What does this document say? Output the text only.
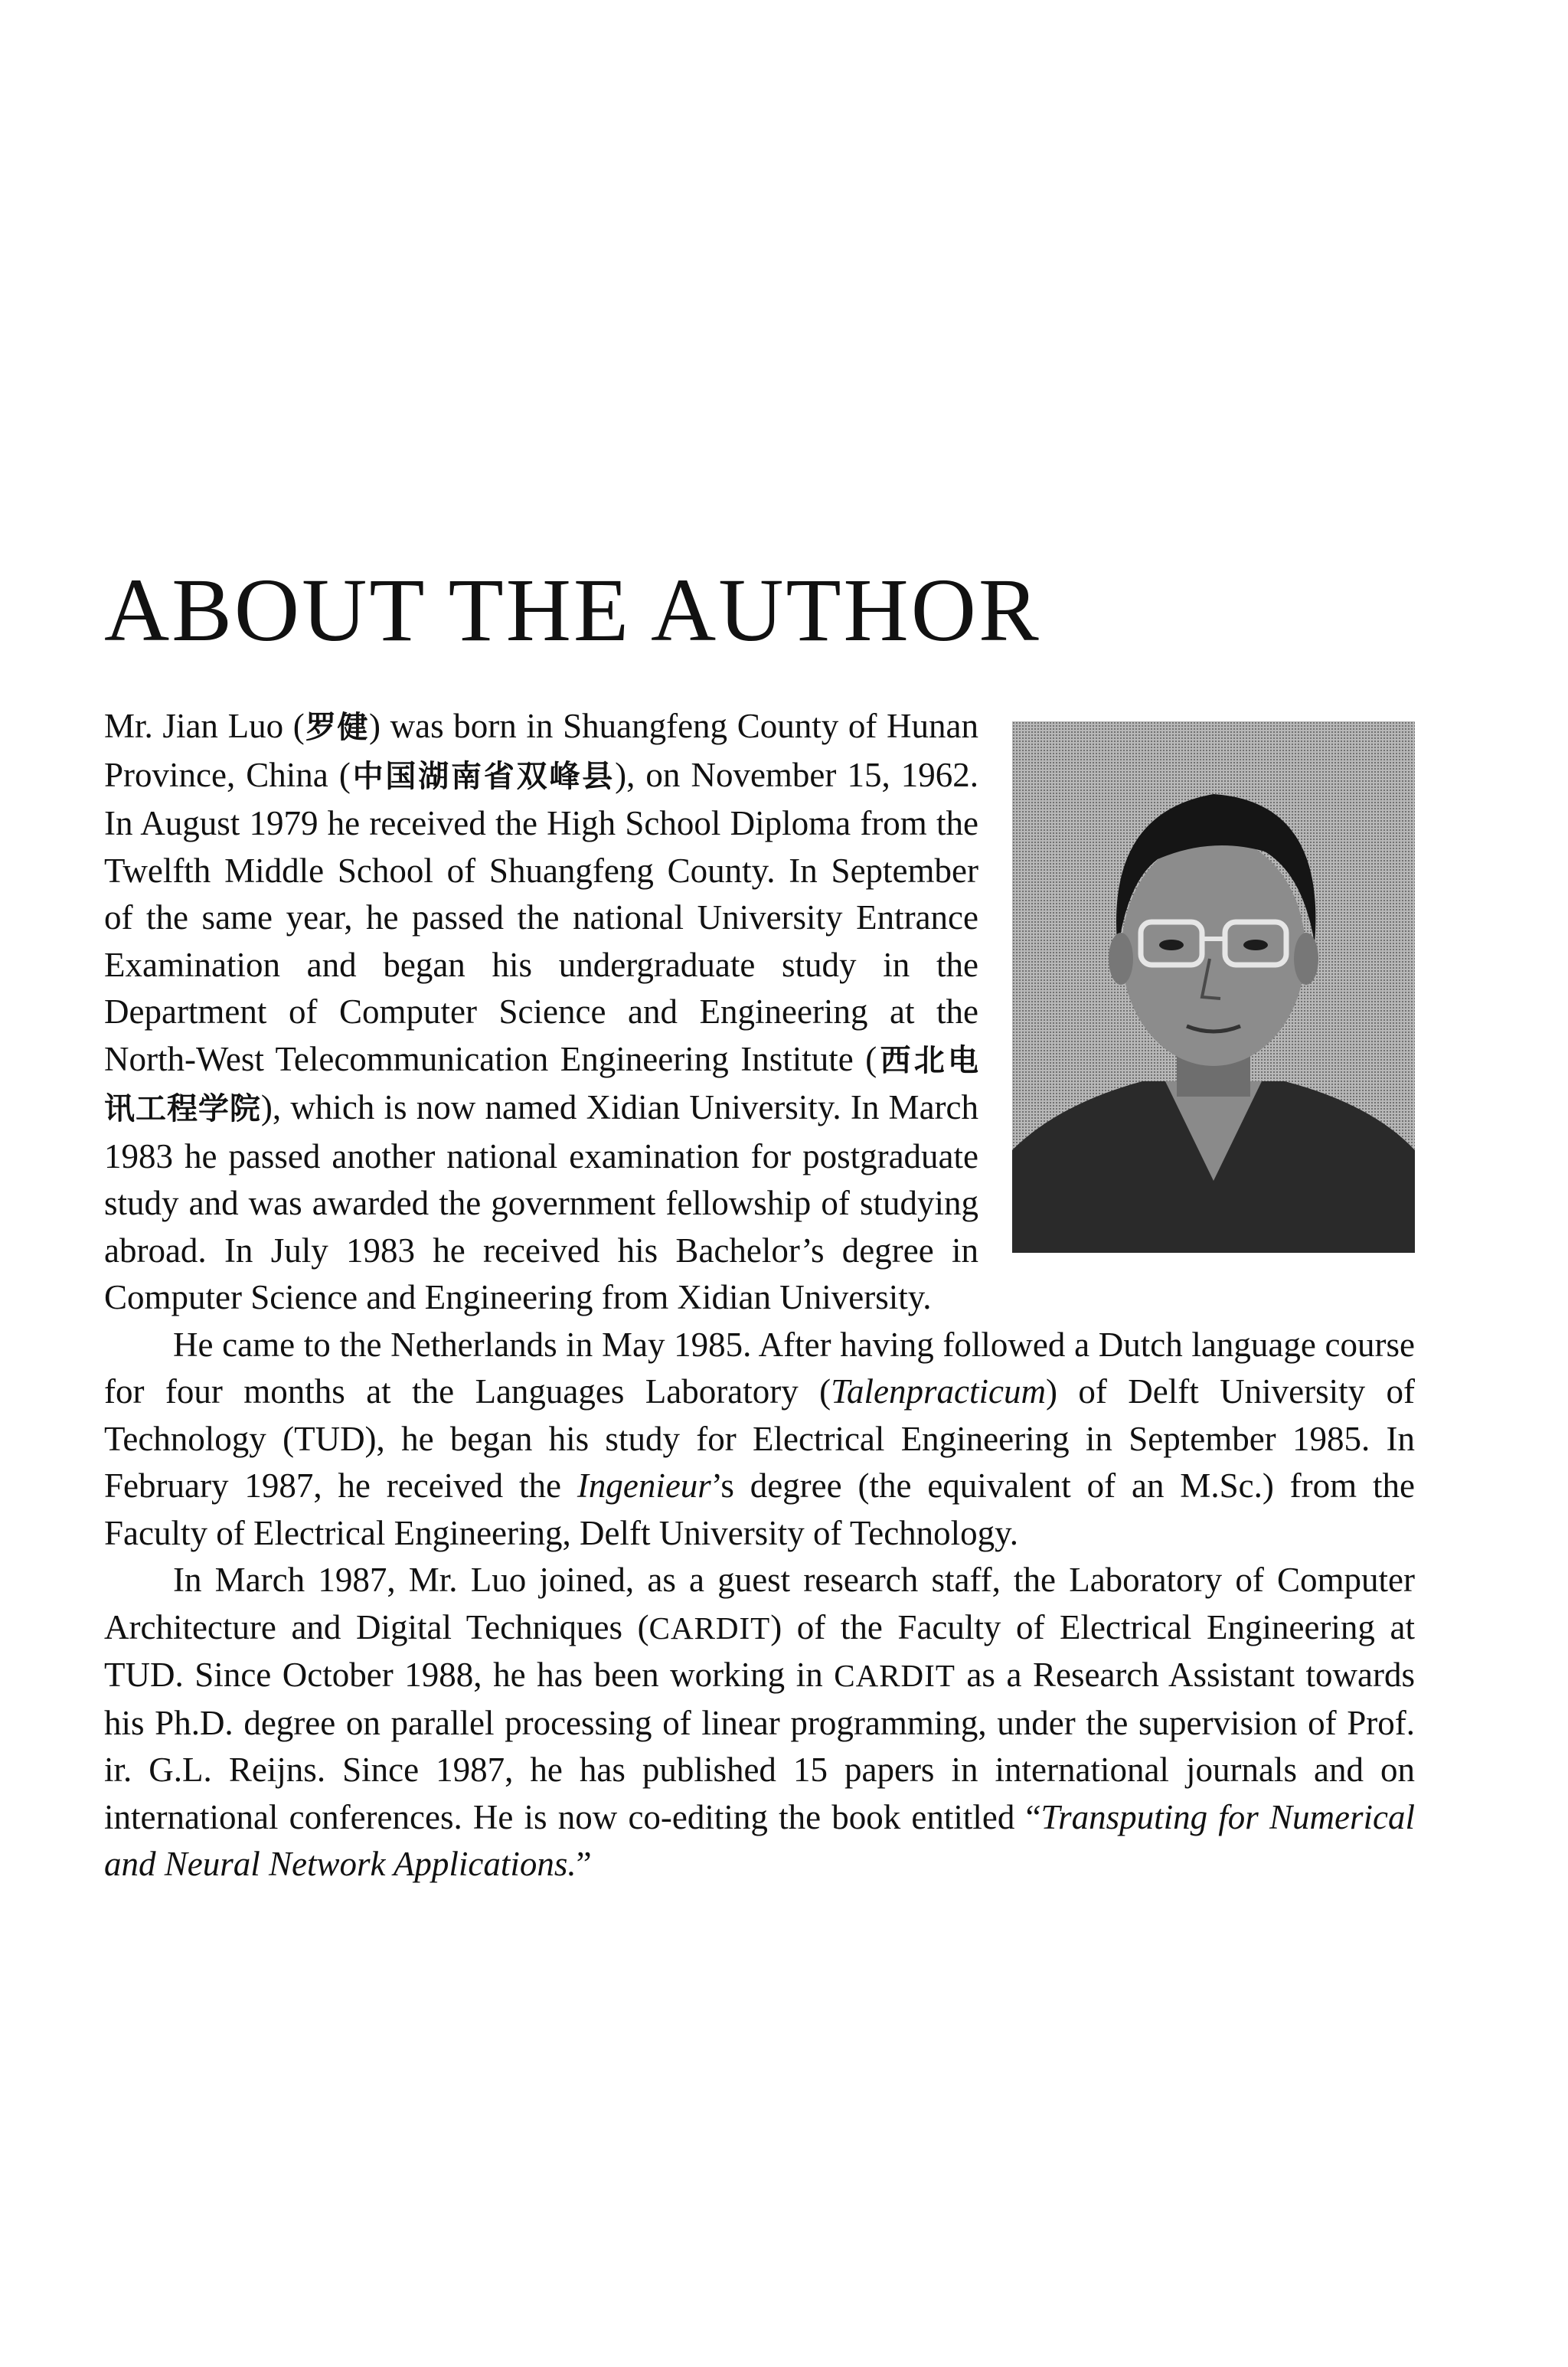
ABOUT THE AUTHOR

Mr. Jian Luo (罗健) was born in Shuangfeng County of Hunan Province, China (中国湖南省双峰县), on November 15, 1962. In August 1979 he received the High School Diploma from the Twelfth Middle School of Shuangfeng County. In September of the same year, he passed the national University Entrance Examination and began his undergraduate study in the Department of Computer Science and Engineering at the North-West Telecommunication Engineering Institute (西北电讯工程学院), which is now named Xidian University. In March 1983 he passed another national examination for postgraduate study and was awarded the government fellowship of studying abroad. In July 1983 he received his Bachelor’s degree in Computer Science and Engineering from Xidian University.

He came to the Netherlands in May 1985. After having followed a Dutch language course for four months at the Languages Laboratory (Talenpracticum) of Delft University of Technology (TUD), he began his study for Electrical Engineering in September 1985. In February 1987, he received the Ingenieur’s degree (the equivalent of an M.Sc.) from the Faculty of Electrical Engineering, Delft University of Technology.

In March 1987, Mr. Luo joined, as a guest research staff, the Laboratory of Computer Architecture and Digital Techniques (CARDIT) of the Faculty of Electrical Engineering at TUD. Since October 1988, he has been working in CARDIT as a Research Assistant towards his Ph.D. degree on parallel processing of linear programming, under the supervision of Prof. ir. G.L. Reijns. Since 1987, he has published 15 papers in international journals and on international conferences. He is now co-editing the book entitled “Transputing for Numerical and Neural Network Applications.”
